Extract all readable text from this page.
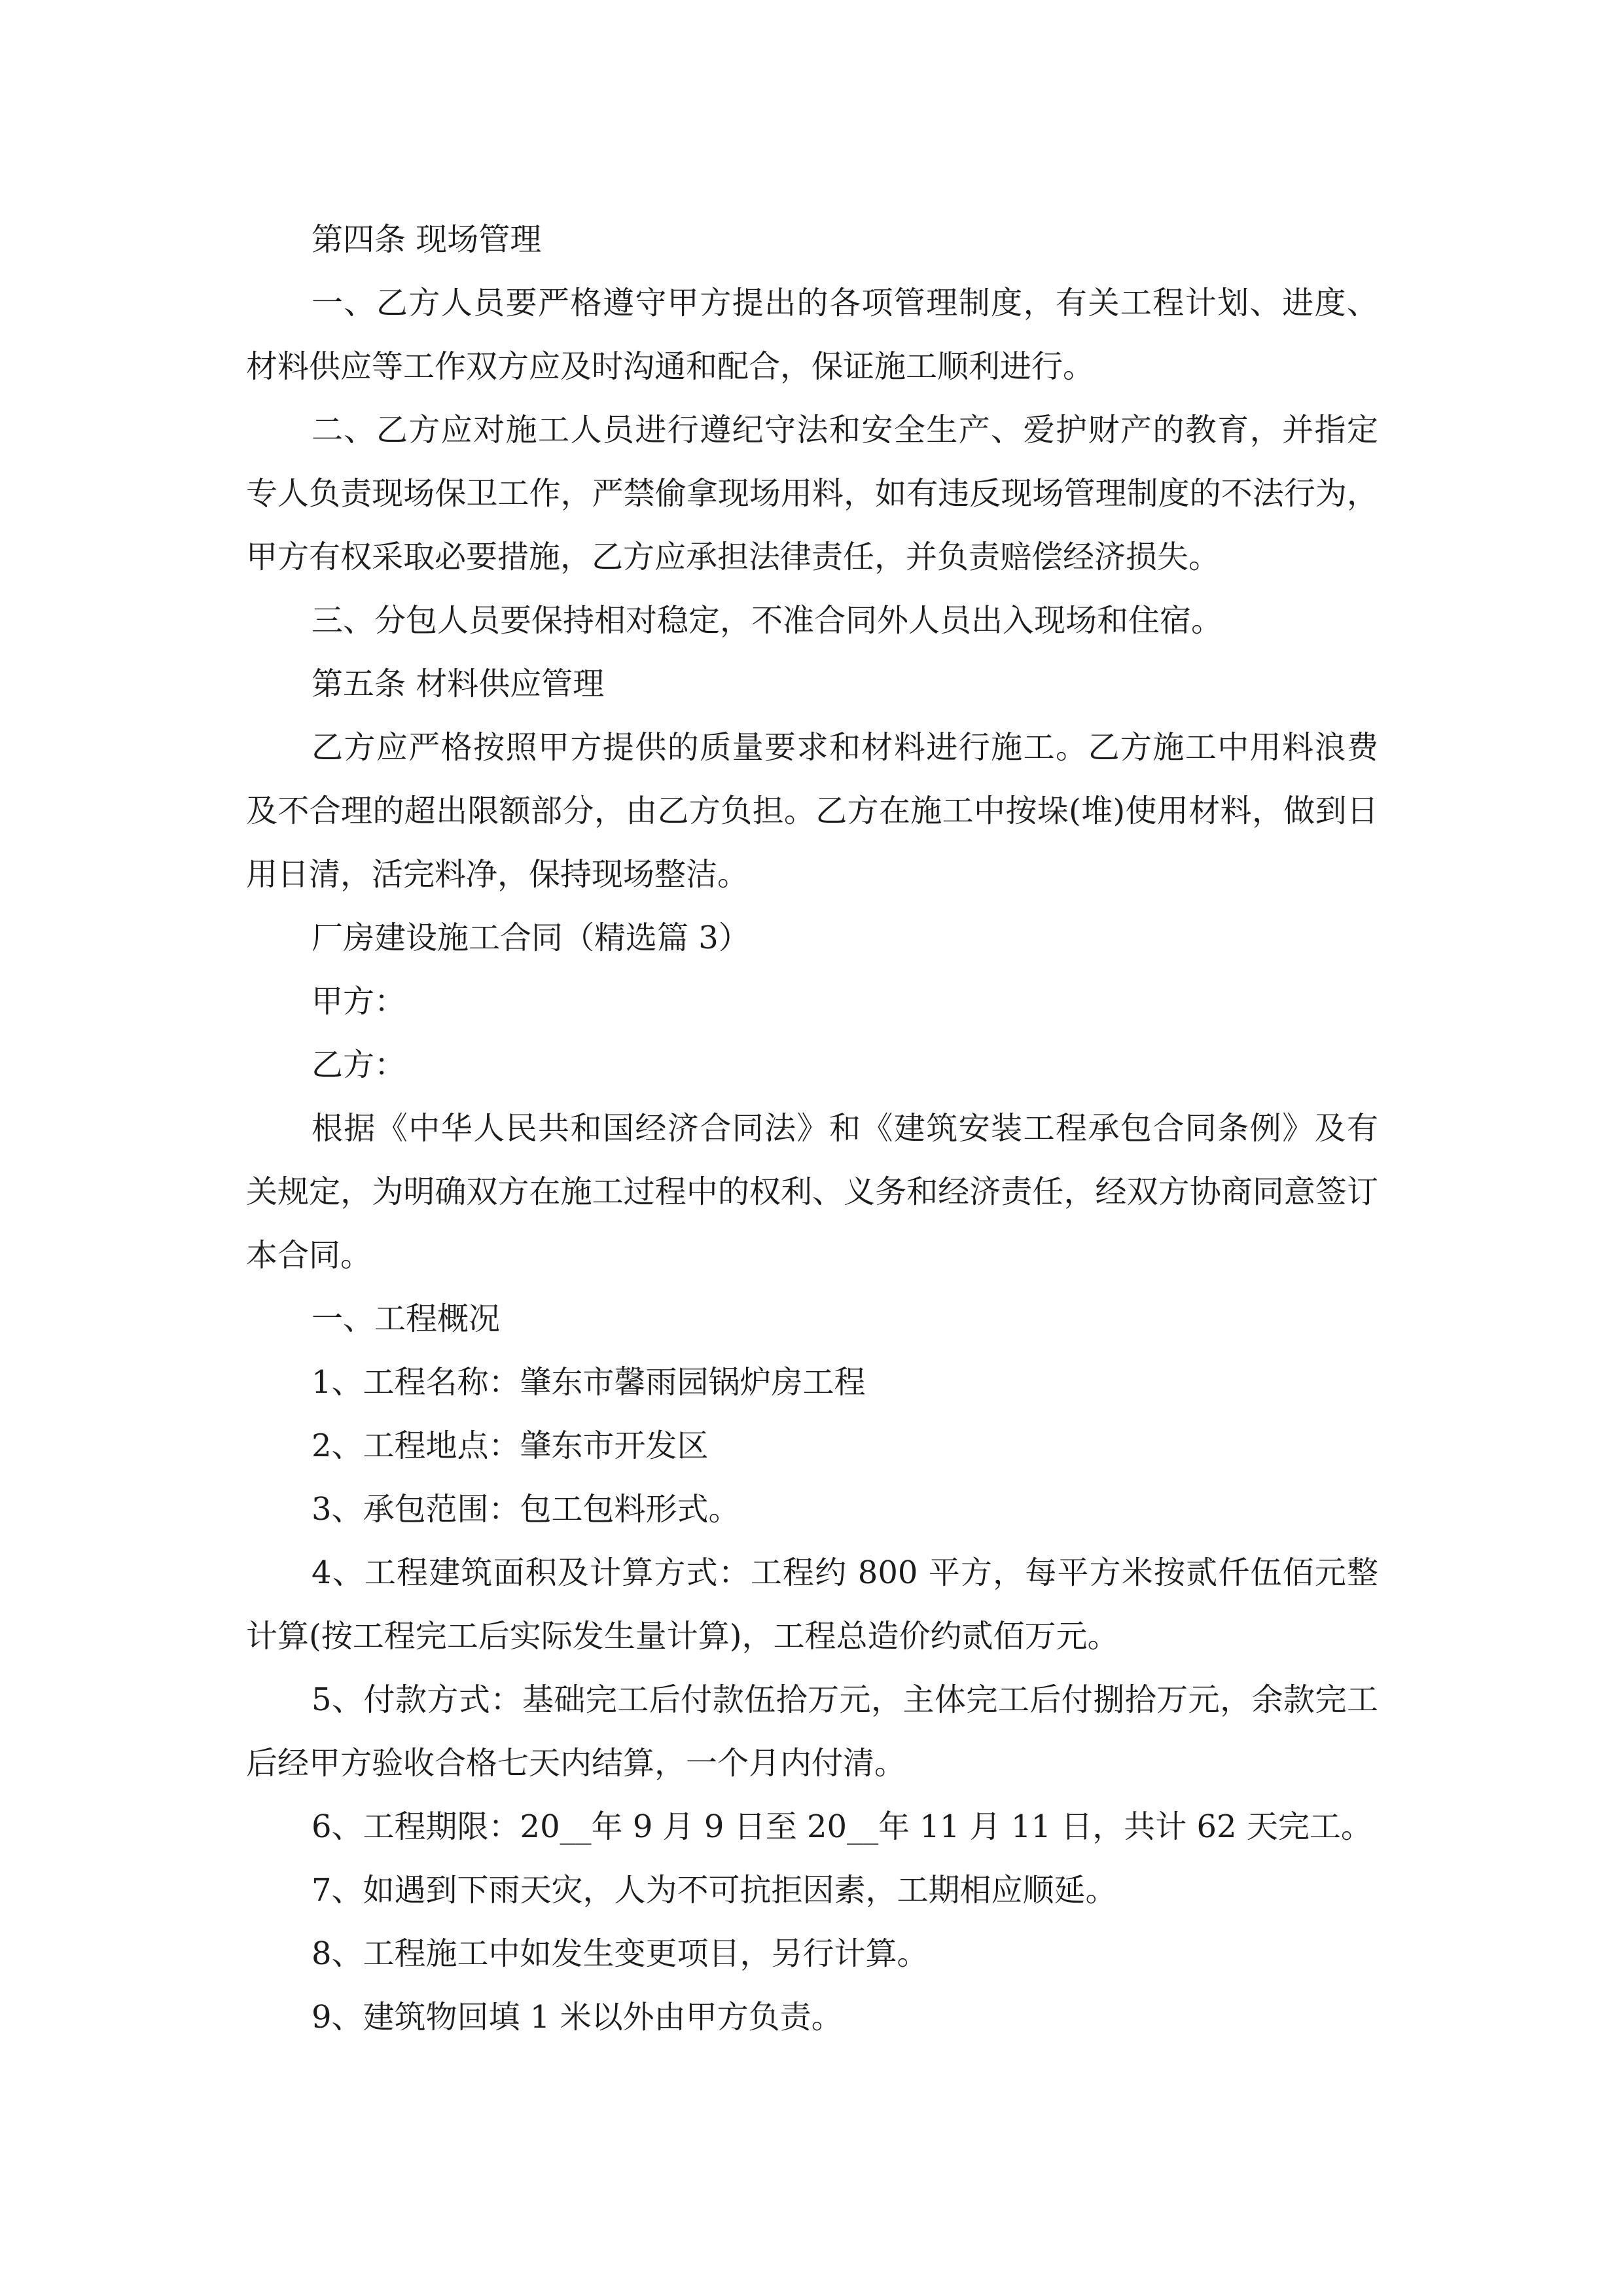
第四条 现场管理

一、乙方人员要严格遵守甲方提出的各项管理制度，有关工程计划、进度、材料供应等工作双方应及时沟通和配合，保证施工顺利进行。

二、乙方应对施工人员进行遵纪守法和安全生产、爱护财产的教育，并指定专人负责现场保卫工作，严禁偷拿现场用料，如有违反现场管理制度的不法行为，甲方有权采取必要措施，乙方应承担法律责任，并负责赔偿经济损失。

三、分包人员要保持相对稳定，不准合同外人员出入现场和住宿。

第五条 材料供应管理

乙方应严格按照甲方提供的质量要求和材料进行施工。乙方施工中用料浪费及不合理的超出限额部分，由乙方负担。乙方在施工中按垛(堆)使用材料，做到日用日清，活完料净，保持现场整洁。

厂房建设施工合同（精选篇 3）

甲方：

乙方：

根据《中华人民共和国经济合同法》和《建筑安装工程承包合同条例》及有关规定，为明确双方在施工过程中的权利、义务和经济责任，经双方协商同意签订本合同。

一、工程概况

1、工程名称：肇东市馨雨园锅炉房工程

2、工程地点：肇东市开发区

3、承包范围：包工包料形式。

4、工程建筑面积及计算方式：工程约 800 平方，每平方米按贰仟伍佰元整计算(按工程完工后实际发生量计算)，工程总造价约贰佰万元。

5、付款方式：基础完工后付款伍拾万元，主体完工后付捌拾万元，余款完工后经甲方验收合格七天内结算，一个月内付清。

6、工程期限：20__年 9 月 9 日至 20__年 11 月 11 日，共计 62 天完工。

7、如遇到下雨天灾，人为不可抗拒因素，工期相应顺延。

8、工程施工中如发生变更项目，另行计算。

9、建筑物回填 1 米以外由甲方负责。
